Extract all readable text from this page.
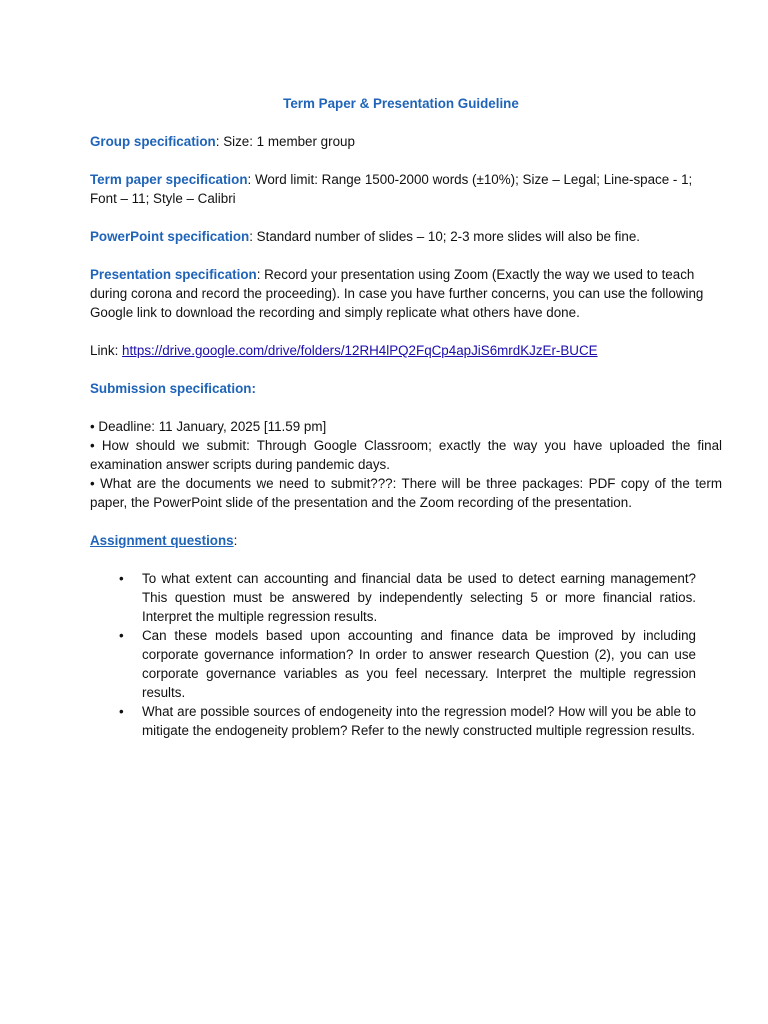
Term Paper & Presentation Guideline
Group specification: Size: 1 member group
Term paper specification: Word limit: Range 1500-2000 words (±10%); Size – Legal; Line-space - 1; Font – 11; Style – Calibri
PowerPoint specification: Standard number of slides – 10; 2-3 more slides will also be fine.
Presentation specification: Record your presentation using Zoom (Exactly the way we used to teach during corona and record the proceeding). In case you have further concerns, you can use the following Google link to download the recording and simply replicate what others have done.
Link: https://drive.google.com/drive/folders/12RH4lPQ2FqCp4apJiS6mrdKJzEr-BUCE
Submission specification:
• Deadline: 11 January, 2025 [11.59 pm]
• How should we submit: Through Google Classroom; exactly the way you have uploaded the final examination answer scripts during pandemic days.
• What are the documents we need to submit???: There will be three packages: PDF copy of the term paper, the PowerPoint slide of the presentation and the Zoom recording of the presentation.
Assignment questions:
• To what extent can accounting and financial data be used to detect earning management? This question must be answered by independently selecting 5 or more financial ratios. Interpret the multiple regression results.
• Can these models based upon accounting and finance data be improved by including corporate governance information? In order to answer research Question (2), you can use corporate governance variables as you feel necessary. Interpret the multiple regression results.
• What are possible sources of endogeneity into the regression model? How will you be able to mitigate the endogeneity problem? Refer to the newly constructed multiple regression results.
